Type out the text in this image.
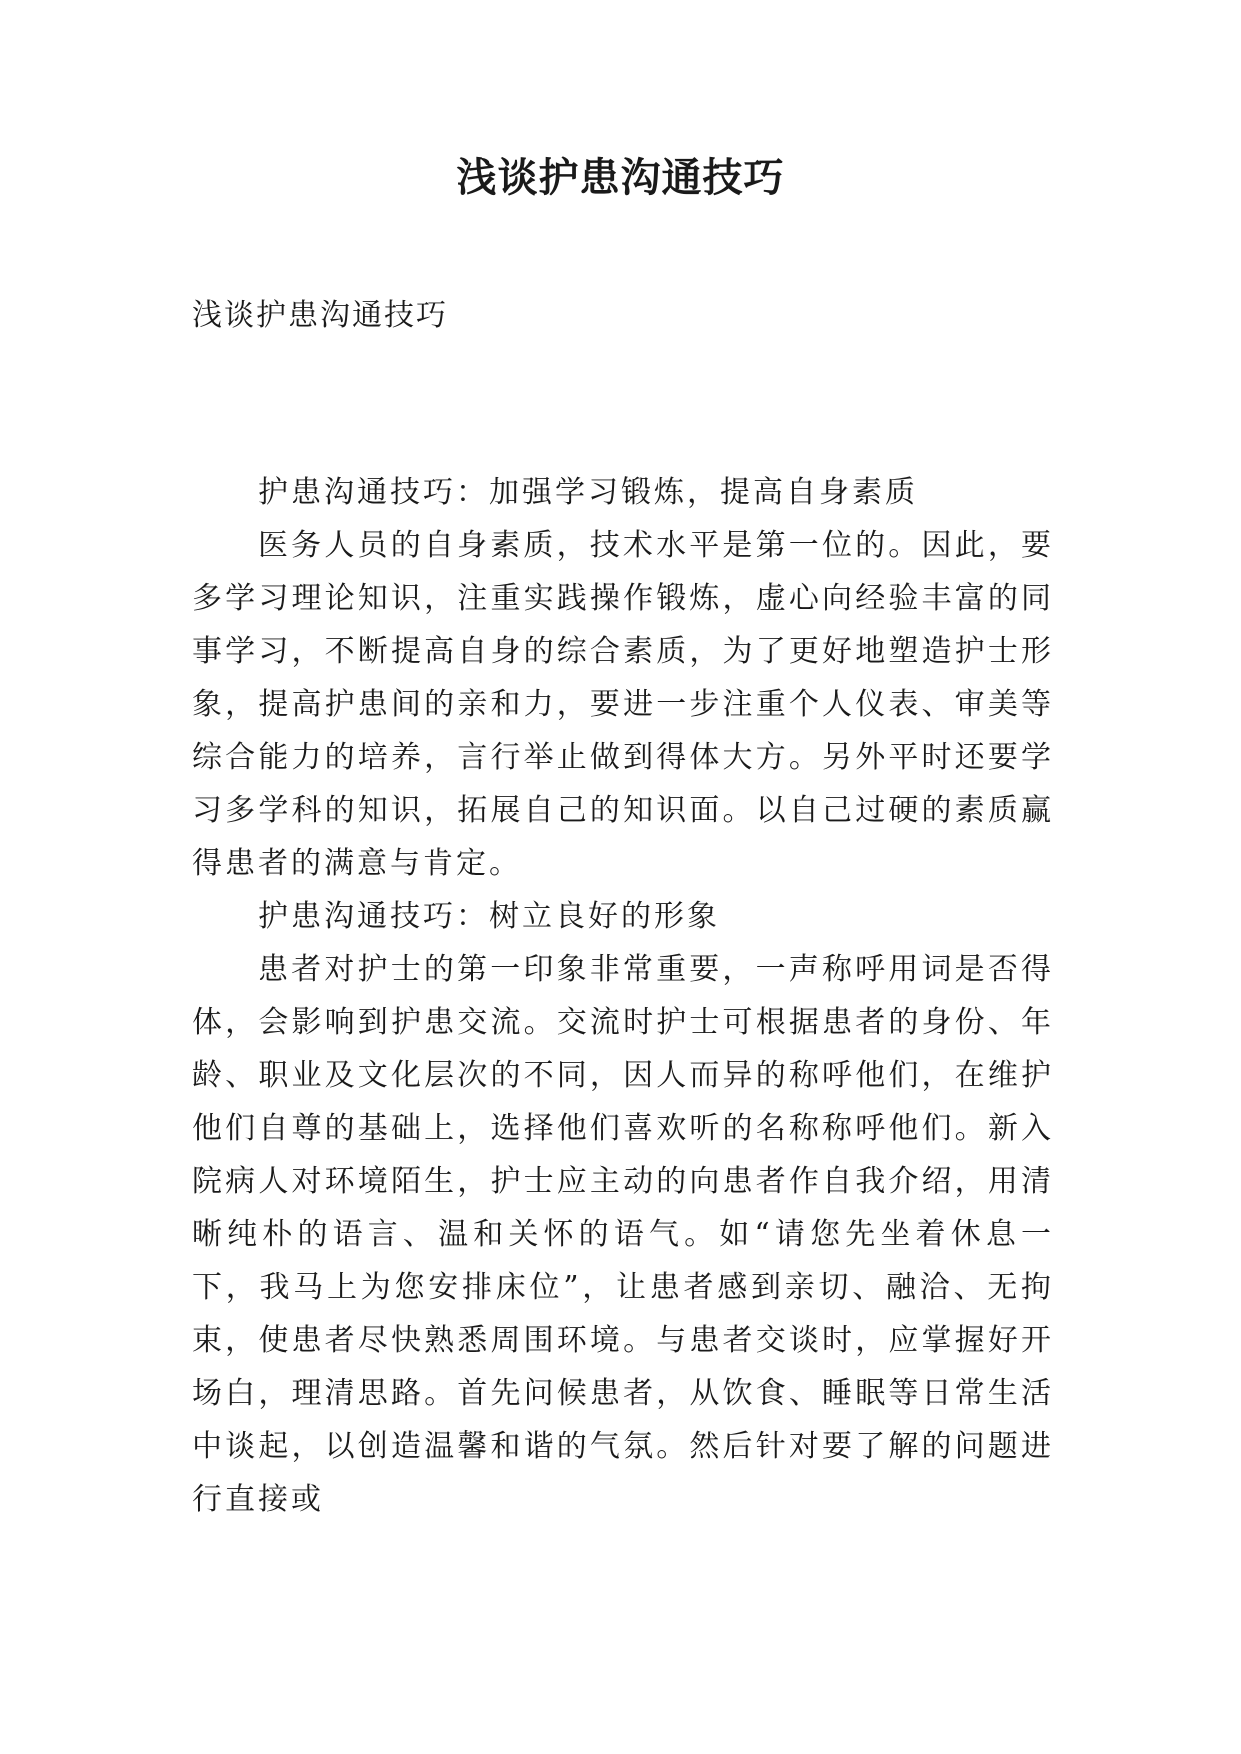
浅谈护患沟通技巧
浅谈护患沟通技巧

护患沟通技巧：加强学习锻炼，提高自身素质

医务人员的自身素质，技术水平是第一位的。因此，要多学习理论知识，注重实践操作锻炼，虚心向经验丰富的同事学习，不断提高自身的综合素质，为了更好地塑造护士形象，提高护患间的亲和力，要进一步注重个人仪表、审美等综合能力的培养，言行举止做到得体大方。另外平时还要学习多学科的知识，拓展自己的知识面。以自己过硬的素质赢得患者的满意与肯定。

护患沟通技巧：树立良好的形象

患者对护士的第一印象非常重要，一声称呼用词是否得体，会影响到护患交流。交流时护士可根据患者的身份、年龄、职业及文化层次的不同，因人而异的称呼他们，在维护他们自尊的基础上，选择他们喜欢听的名称称呼他们。新入院病人对环境陌生，护士应主动的向患者作自我介绍，用清晰纯朴的语言、温和关怀的语气。如“请您先坐着休息一下，我马上为您安排床位”，让患者感到亲切、融洽、无拘束，使患者尽快熟悉周围环境。与患者交谈时，应掌握好开场白，理清思路。首先问候患者，从饮食、睡眠等日常生活中谈起，以创造温馨和谐的气氛。然后针对要了解的问题进行直接或
